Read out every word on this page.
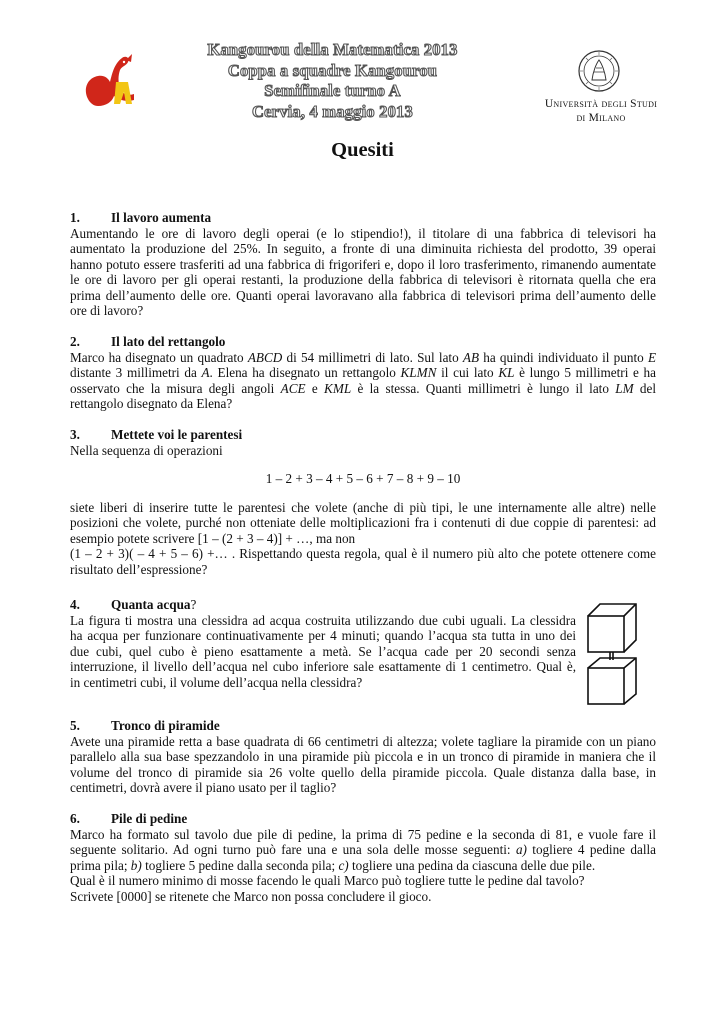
Kangourou della Matematica 2013
Coppa a squadre Kangourou
Semifinale turno A
Cervia, 4 maggio 2013	Università degli Studi
di Milano
Quesiti
1. Il lavoro aumenta
Aumentando le ore di lavoro degli operai (e lo stipendio!), il titolare di una fabbrica di televisori ha
aumentato la produzione del 25%. In seguito, a fronte di una diminuita richiesta del prodotto, 39 operai
hanno potuto essere trasferiti ad una fabbrica di frigoriferi e, dopo il loro trasferimento, rimanendo aumentate
le ore di lavoro per gli operai restanti, la produzione della fabbrica di televisori è ritornata quella che era
prima dell’aumento delle ore. Quanti operai lavoravano alla fabbrica di televisori prima dell’aumento delle
ore di lavoro?
2. Il lato del rettangolo
Marco ha disegnato un quadrato ABCD di 54 millimetri di lato. Sul lato AB ha quindi individuato il punto E
distante 3 millimetri da A. Elena ha disegnato un rettangolo KLMN il cui lato KL è lungo 5 millimetri e ha
osservato che la misura degli angoli ACE e KML è la stessa. Quanti millimetri è lungo il lato LM del
rettangolo disegnato da Elena?
3. Mettete voi le parentesi
Nella sequenza di operazioni
1 – 2 + 3 – 4 + 5 – 6 + 7 – 8 + 9 – 10
siete liberi di inserire tutte le parentesi che volete (anche di più tipi, le une internamente alle altre) nelle
posizioni che volete, purché non otteniate delle moltiplicazioni fra i contenuti di due coppie di parentesi: ad
esempio potete scrivere [1 – (2 + 3 – 4)] + …, ma non
(1 – 2 + 3)( – 4 + 5 – 6) +… . Rispettando questa regola, qual è il numero più alto che potete ottenere come
risultato dell’espressione?
4. Quanta acqua?
La figura ti mostra una clessidra ad acqua costruita utilizzando due cubi uguali. La clessidra
ha acqua per funzionare continuativamente per 4 minuti; quando l’acqua sta tutta in uno dei
due cubi, quel cubo è pieno esattamente a metà. Se l’acqua cade per 20 secondi senza
interruzione, il livello dell’acqua nel cubo inferiore sale esattamente di 1 centimetro. Qual è,
in centimetri cubi, il volume dell’acqua nella clessidra?
5. Tronco di piramide
Avete una piramide retta a base quadrata di 66 centimetri di altezza; volete tagliare la piramide con un piano
parallelo alla sua base spezzandolo in una piramide più piccola e in un tronco di piramide in maniera che il
volume del tronco di piramide sia 26 volte quello della piramide piccola. Quale distanza dalla base, in
centimetri, dovrà avere il piano usato per il taglio?
6. Pile di pedine
Marco ha formato sul tavolo due pile di pedine, la prima di 75 pedine e la seconda di 81, e vuole fare il
seguente solitario. Ad ogni turno può fare una e una sola delle mosse seguenti: a) togliere 4 pedine dalla
prima pila; b) togliere 5 pedine dalla seconda pila; c) togliere una pedina da ciascuna delle due pile.
Qual è il numero minimo di mosse facendo le quali Marco può togliere tutte le pedine dal tavolo?
Scrivete [0000] se ritenete che Marco non possa concludere il gioco.
